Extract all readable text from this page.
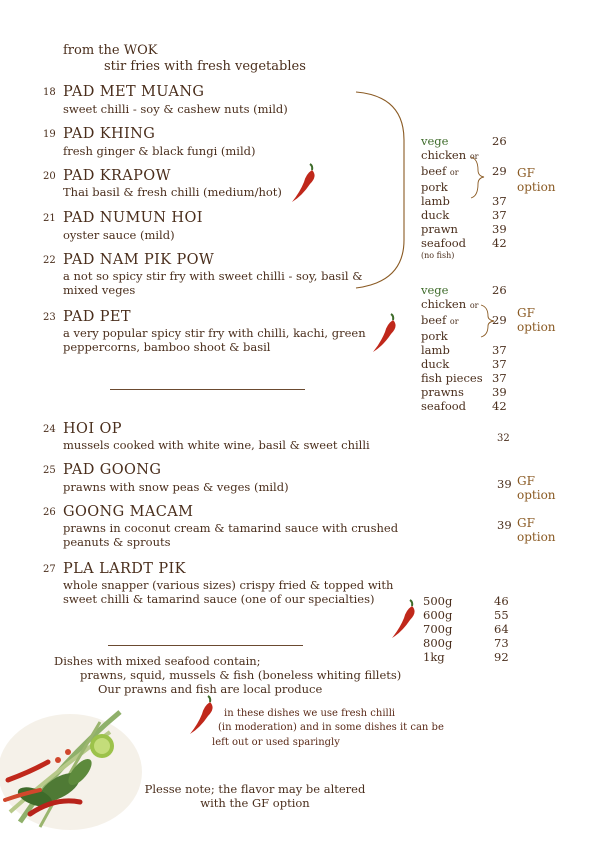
from the WOK
stir fries with fresh vegetables
18 PAD MET MUANG
sweet chilli - soy & cashew nuts (mild)
19 PAD KHING
fresh ginger & black fungi (mild)
20 PAD KRAPOW
Thai basil & fresh chilli (medium/hot)
21 PAD NUMUN HOI
oyster sauce (mild)
22 PAD NAM PIK POW
a not so spicy stir fry with sweet chilli - soy, basil &
mixed veges
23 PAD PET
a very popular spicy stir fry with chilli, kachi, green
peppercorns, bamboo shoot & basil
vege	26
chicken or
beef or	29
pork
lamb	37
duck	37
prawn	39
seafood 42
(no fish)
GF
option
vege	26
chicken or
beef or	29
pork
lamb	37
duck	37
fish pieces 37
prawns 39
seafood 42
GF
option
24 HOI OP
mussels cooked with white wine, basil & sweet chilli	32
25 PAD GOONG
prawns with snow peas & veges (mild)	39 GF
option
26 GOONG MACAM
prawns in coconut cream & tamarind sauce with crushed
peanuts & sprouts
39 GF
option
27 PLA LARDT PIK
whole snapper (various sizes) crispy fried & topped with
sweet chilli & tamarind sauce (one of our specialties)	500g	46
600g	55
700g	64
800g	73
1kg	92
Dishes with mixed seafood contain;
prawns, squid, mussels & fish (boneless whiting fillets)
Our prawns and fish are local produce
in these dishes we use fresh chilli
(in moderation) and in some dishes it can be
left out or used sparingly
Plesse note; the flavor may be altered
with the GF option
